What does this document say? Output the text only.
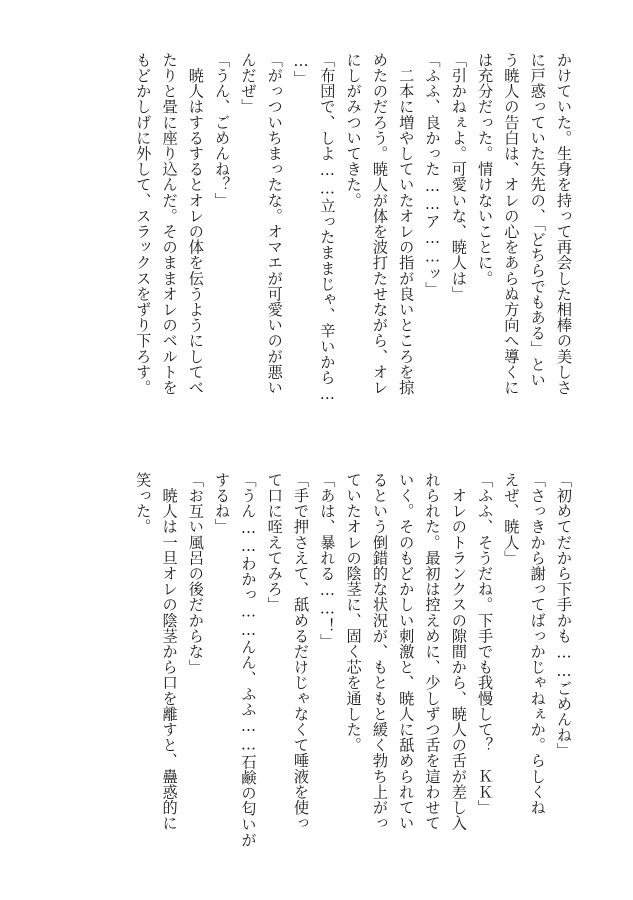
かけていた。生身を持って再会した相棒の美しさ
に戸惑っていた矢先の、「どちらでもある」とい
う暁人の告白は、オレの心をあらぬ方向へ導くに
は充分だった。情けないことに。
「引かねぇよ。可愛いな、暁人は」
「ふふ、良かった……ア……ッ」
　二本に増やしていたオレの指が良いところを掠
めたのだろう。暁人が体を波打たせながら、オレ
にしがみついてきた。
「布団で、しよ……立ったままじゃ、辛いから…
…」
「がっついちまったな。オマエが可愛いのが悪い
んだぜ」
「うん、ごめんね？」
　暁人はするするとオレの体を伝うようにしてべ
たりと畳に座り込んだ。そのままオレのベルトを
もどかしげに外して、スラックスをずり下ろす。
「初めてだから下手かも……ごめんね」
「さっきから謝ってばっかじゃねぇか。らしくね
えぜ、暁人」
「ふふ、そうだね。下手でも我慢して？　ＫＫ」
　オレのトランクスの隙間から、暁人の舌が差し入
れられた。最初は控えめに、少しずつ舌を這わせて
いく。そのもどかしい刺激と、暁人に舐められてい
るという倒錯的な状況が、もともと緩く勃ち上がっ
ていたオレの陰茎に、固く芯を通した。
「あは、暴れる……！」
「手で押さえて、舐めるだけじゃなくて唾液を使っ
て口に咥えてみろ」
「うん……わかっ……んん、ふふ……石鹸の匂いが
するね」
「お互い風呂の後だからな」
　暁人は一旦オレの陰茎から口を離すと、蠱惑的に
笑った。
